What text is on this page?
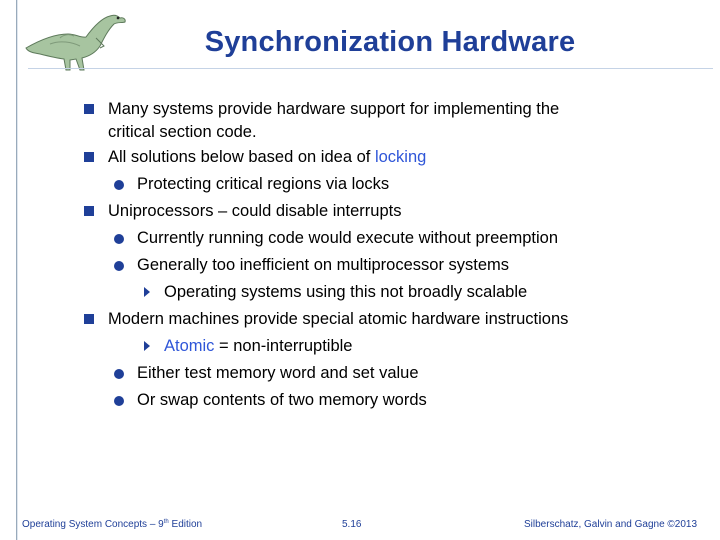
Synchronization Hardware
Many systems provide hardware support for implementing the
critical section code.
All solutions below based on idea of locking
Protecting critical regions via locks
Uniprocessors – could disable interrupts
Currently running code would execute without preemption
Generally too inefficient on multiprocessor systems
Operating systems using this not broadly scalable
Modern machines provide special atomic hardware instructions
Atomic = non-interruptible
Either test memory word and set value
Or swap contents of two memory words
Operating System Concepts – 9th Edition	5.16	Silberschatz, Galvin and Gagne ©2013
